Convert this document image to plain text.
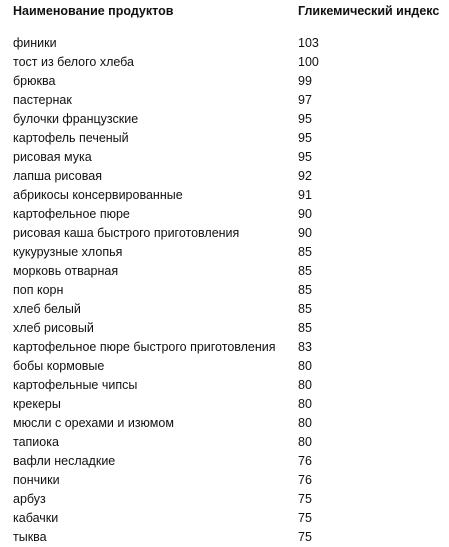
Наименование продуктов	Гликемический индекс
финики	103
тост из белого хлеба	100
брюква	99
пастернак	97
булочки французские	95
картофель печеный	95
рисовая мука	95
лапша рисовая	92
абрикосы консервированные	91
картофельное пюре	90
рисовая каша быстрого приготовления	90
кукурузные хлопья	85
морковь отварная	85
поп корн	85
хлеб белый	85
хлеб рисовый	85
картофельное пюре быстрого приготовления 83
бобы кормовые	80
картофельные чипсы	80
крекеры	80
мюсли с орехами и изюмом	80
тапиока	80
вафли несладкие	76
пончики	76
арбуз	75
кабачки	75
тыква	75
